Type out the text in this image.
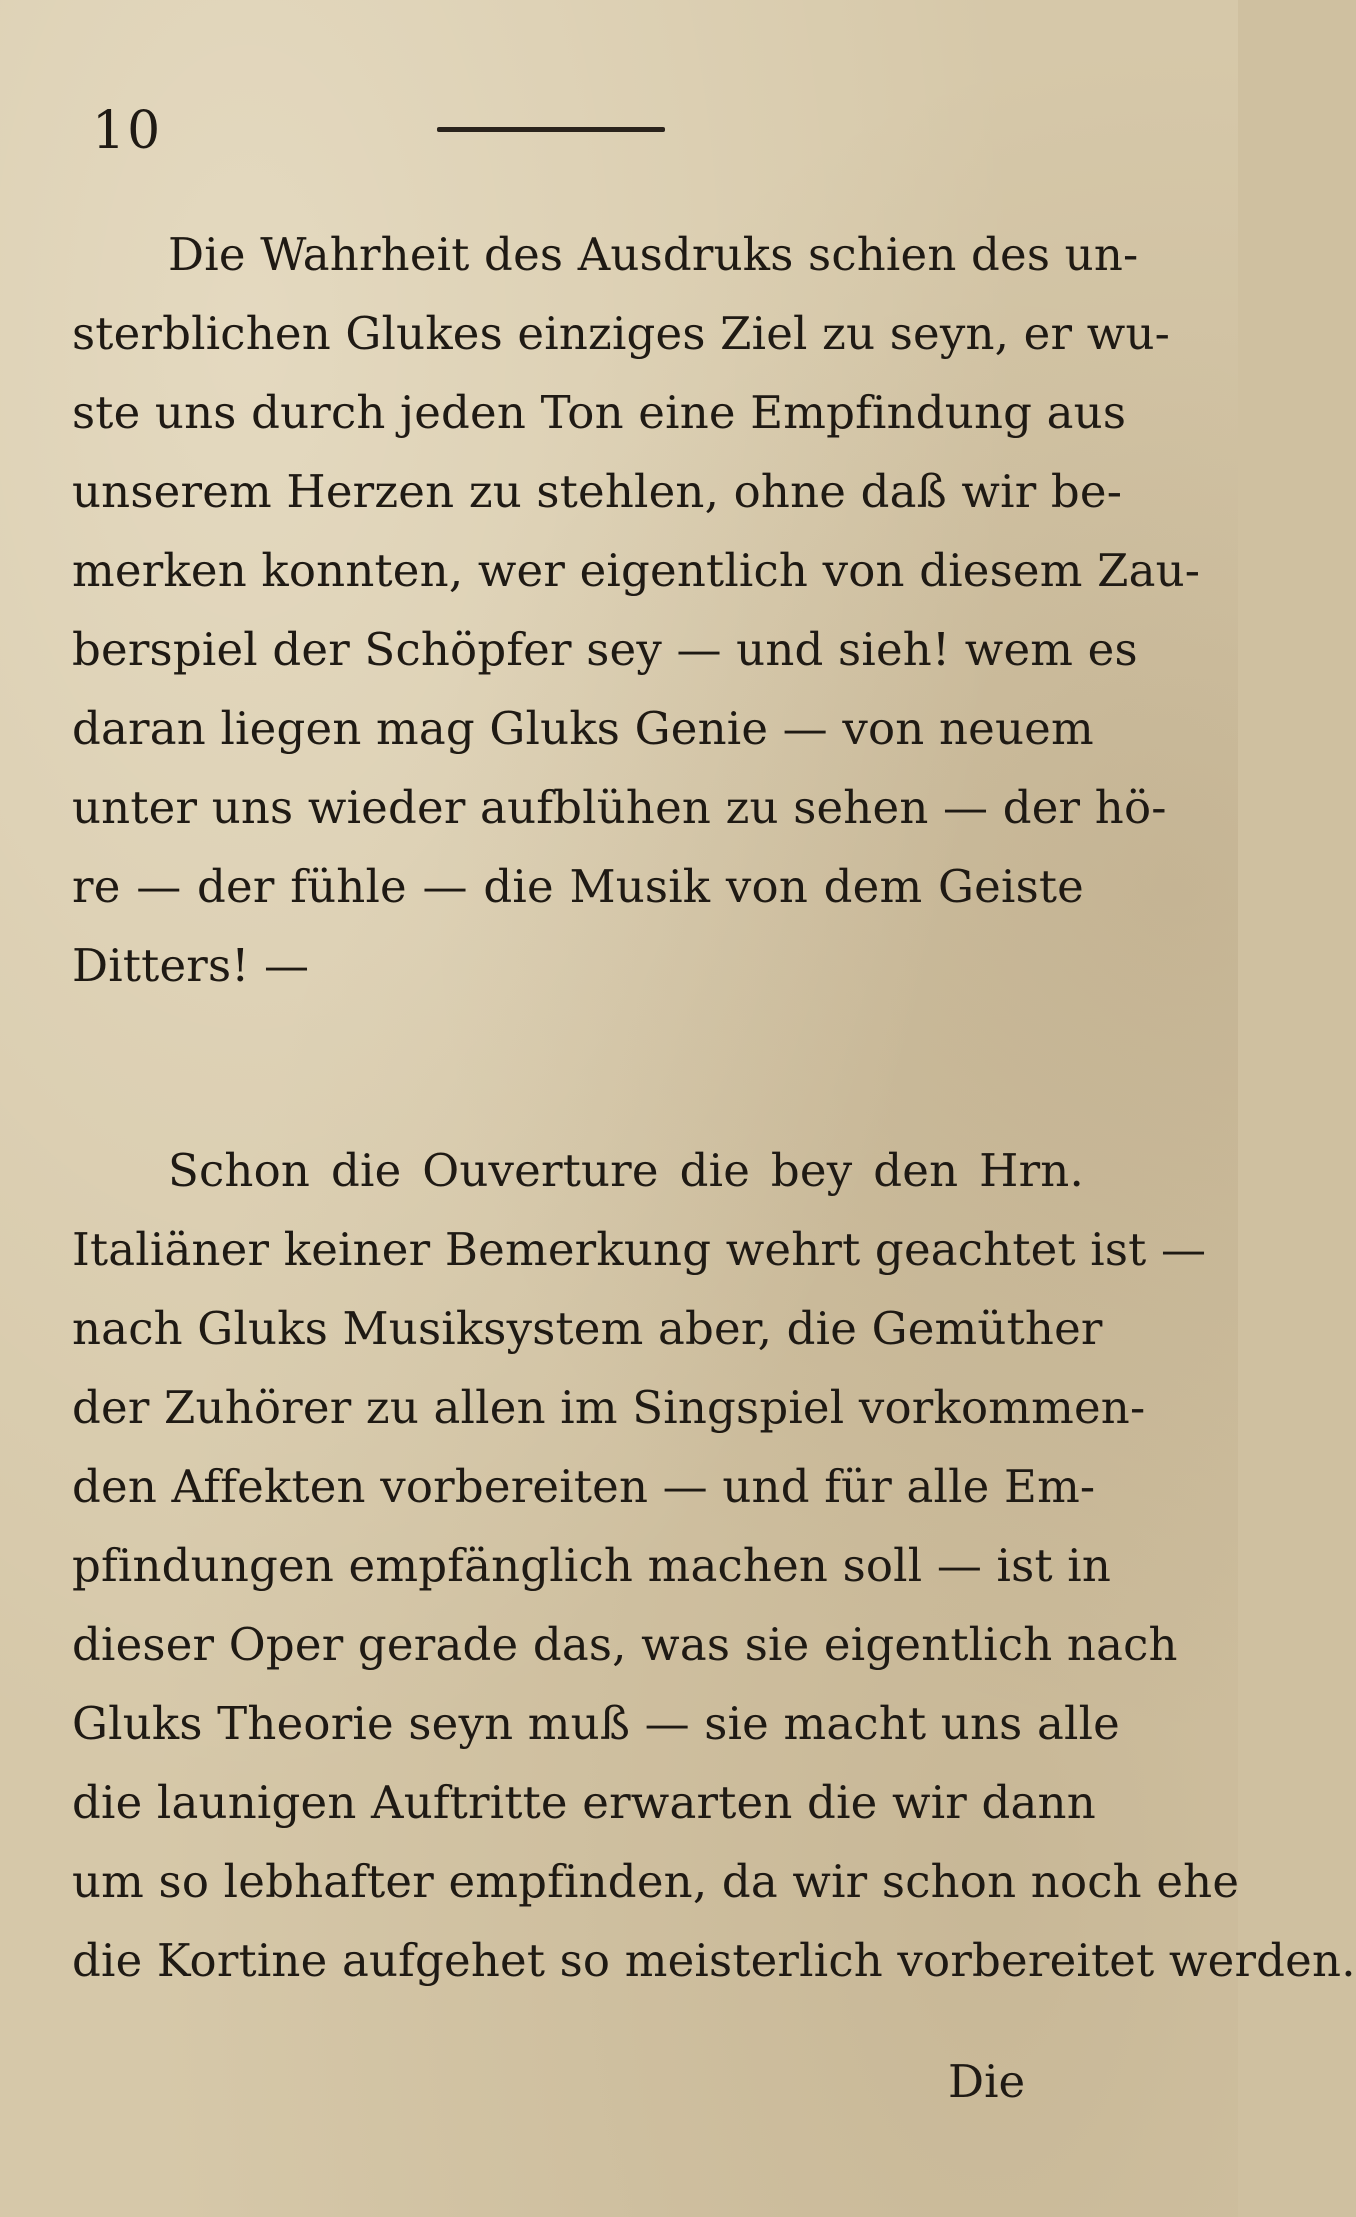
10
Die Wahrheit des Ausdruks schien des un-
sterblichen Glukes einziges Ziel zu seyn, er wu-
ste uns durch jeden Ton eine Empfindung aus
unserem Herzen zu stehlen, ohne daß wir be-
merken konnten, wer eigentlich von diesem Zau-
berspiel der Schöpfer sey — und sieh! wem es
daran liegen mag Gluks Genie — von neuem
unter uns wieder aufblühen zu sehen — der hö-
re — der fühle — die Musik von dem Geiste
Ditters! —
Schon die Ouverture die bey den Hrn.
Italiäner keiner Bemerkung wehrt geachtet ist —
nach Gluks Musiksystem aber, die Gemüther
der Zuhörer zu allen im Singspiel vorkommen-
den Affekten vorbereiten — und für alle Em-
pfindungen empfänglich machen soll — ist in
dieser Oper gerade das, was sie eigentlich nach
Gluks Theorie seyn muß — sie macht uns alle
die launigen Auftritte erwarten die wir dann
um so lebhafter empfinden, da wir schon noch ehe
die Kortine aufgehet so meisterlich vorbereitet werden.
Die
